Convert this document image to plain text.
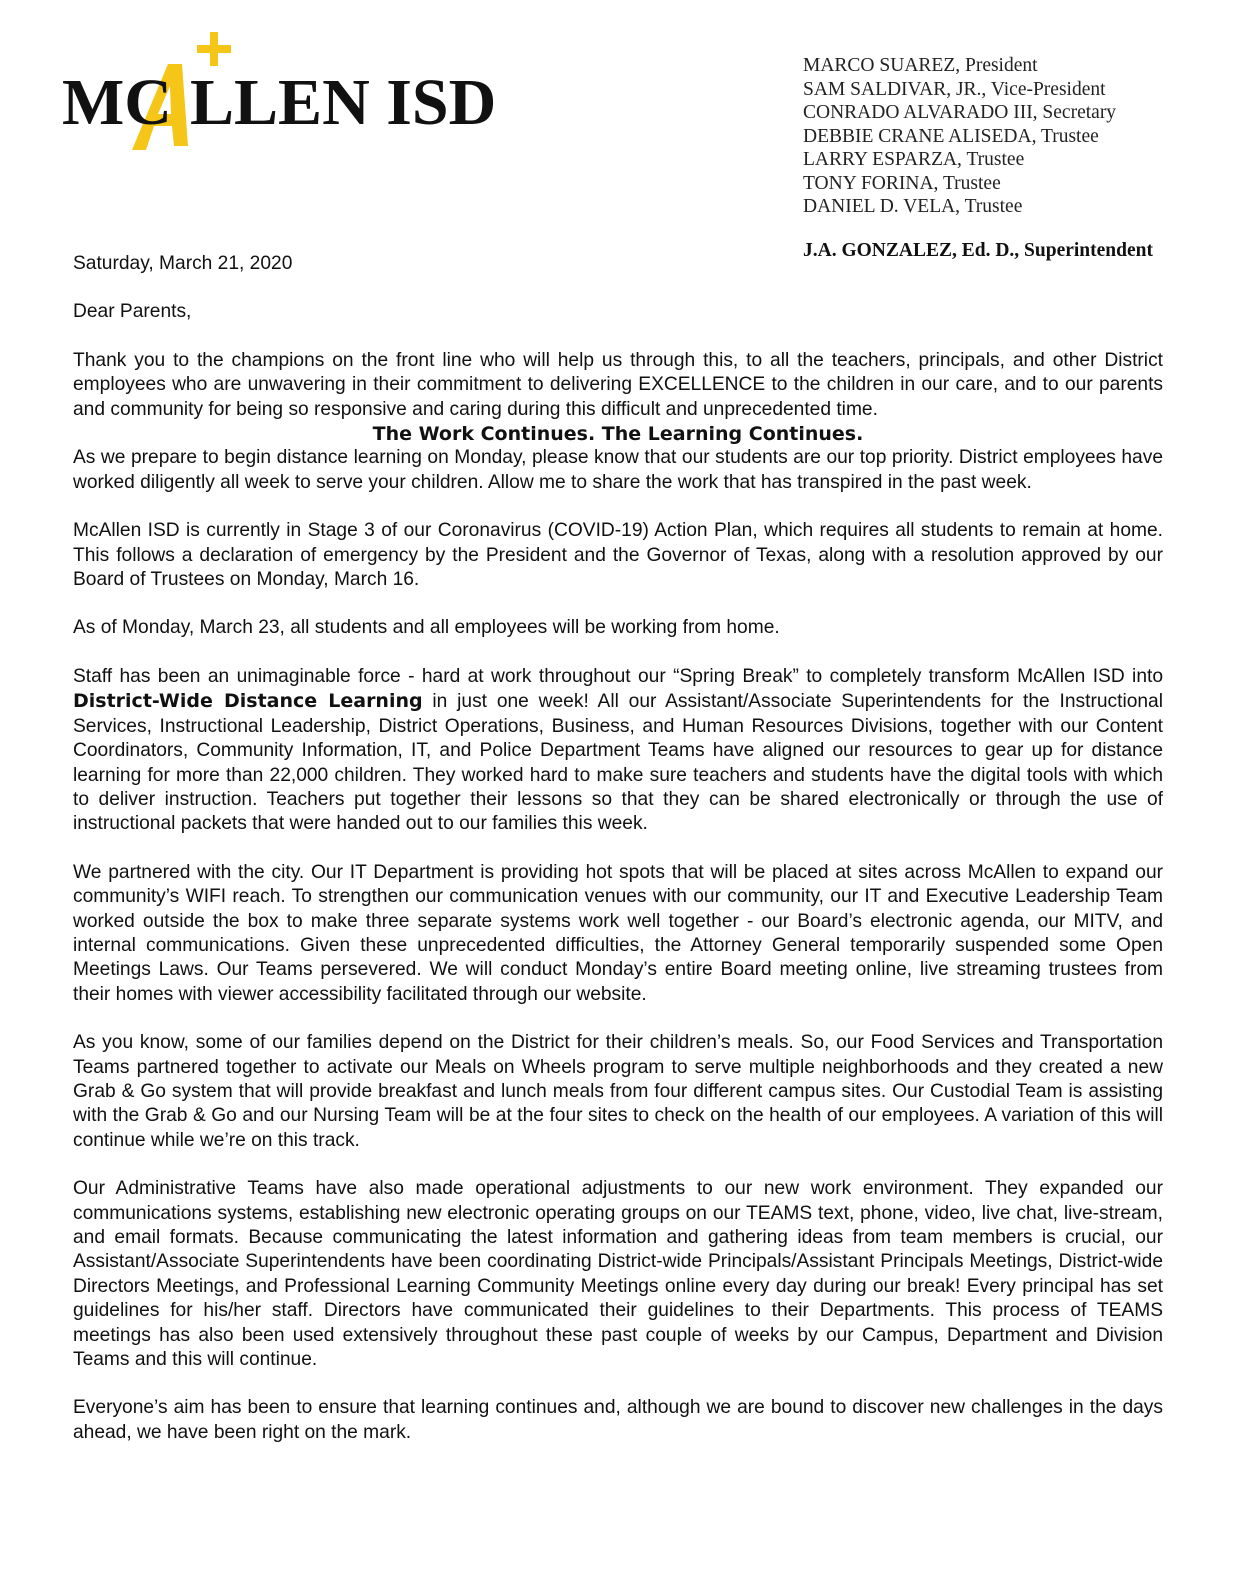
MC LLEN ISD
MARCO SUAREZ, President
SAM SALDIVAR, JR., Vice-President
CONRADO ALVARADO III, Secretary
DEBBIE CRANE ALISEDA, Trustee
LARRY ESPARZA, Trustee
TONY FORINA, Trustee
DANIEL D. VELA, Trustee
J.A. GONZALEZ, Ed. D., Superintendent

Saturday, March 21, 2020

Dear Parents,

Thank you to the champions on the front line who will help us through this, to all the teachers, principals, and other District employees who are unwavering in their commitment to delivering EXCELLENCE to the children in our care, and to our parents and community for being so responsive and caring during this difficult and unprecedented time.

The Work Continues. The Learning Continues.

As we prepare to begin distance learning on Monday, please know that our students are our top priority. District employees have worked diligently all week to serve your children. Allow me to share the work that has transpired in the past week.

McAllen ISD is currently in Stage 3 of our Coronavirus (COVID-19) Action Plan, which requires all students to remain at home. This follows a declaration of emergency by the President and the Governor of Texas, along with a resolution approved by our Board of Trustees on Monday, March 16.

As of Monday, March 23, all students and all employees will be working from home.

Staff has been an unimaginable force - hard at work throughout our “Spring Break” to completely transform McAllen ISD into District-Wide Distance Learning in just one week! All our Assistant/Associate Superintendents for the Instructional Services, Instructional Leadership, District Operations, Business, and Human Resources Divisions, together with our Content Coordinators, Community Information, IT, and Police Department Teams have aligned our resources to gear up for distance learning for more than 22,000 children. They worked hard to make sure teachers and students have the digital tools with which to deliver instruction. Teachers put together their lessons so that they can be shared electronically or through the use of instructional packets that were handed out to our families this week.

We partnered with the city. Our IT Department is providing hot spots that will be placed at sites across McAllen to expand our community’s WIFI reach. To strengthen our communication venues with our community, our IT and Executive Leadership Team worked outside the box to make three separate systems work well together - our Board’s electronic agenda, our MITV, and internal communications. Given these unprecedented difficulties, the Attorney General temporarily suspended some Open Meetings Laws. Our Teams persevered. We will conduct Monday’s entire Board meeting online, live streaming trustees from their homes with viewer accessibility facilitated through our website.

As you know, some of our families depend on the District for their children’s meals. So, our Food Services and Transportation Teams partnered together to activate our Meals on Wheels program to serve multiple neighborhoods and they created a new Grab & Go system that will provide breakfast and lunch meals from four different campus sites. Our Custodial Team is assisting with the Grab & Go and our Nursing Team will be at the four sites to check on the health of our employees. A variation of this will continue while we’re on this track.

Our Administrative Teams have also made operational adjustments to our new work environment. They expanded our communications systems, establishing new electronic operating groups on our TEAMS text, phone, video, live chat, live-stream, and email formats. Because communicating the latest information and gathering ideas from team members is crucial, our Assistant/Associate Superintendents have been coordinating District-wide Principals/Assistant Principals Meetings, District-wide Directors Meetings, and Professional Learning Community Meetings online every day during our break! Every principal has set guidelines for his/her staff. Directors have communicated their guidelines to their Departments. This process of TEAMS meetings has also been used extensively throughout these past couple of weeks by our Campus, Department and Division Teams and this will continue.

Everyone’s aim has been to ensure that learning continues and, although we are bound to discover new challenges in the days ahead, we have been right on the mark.
